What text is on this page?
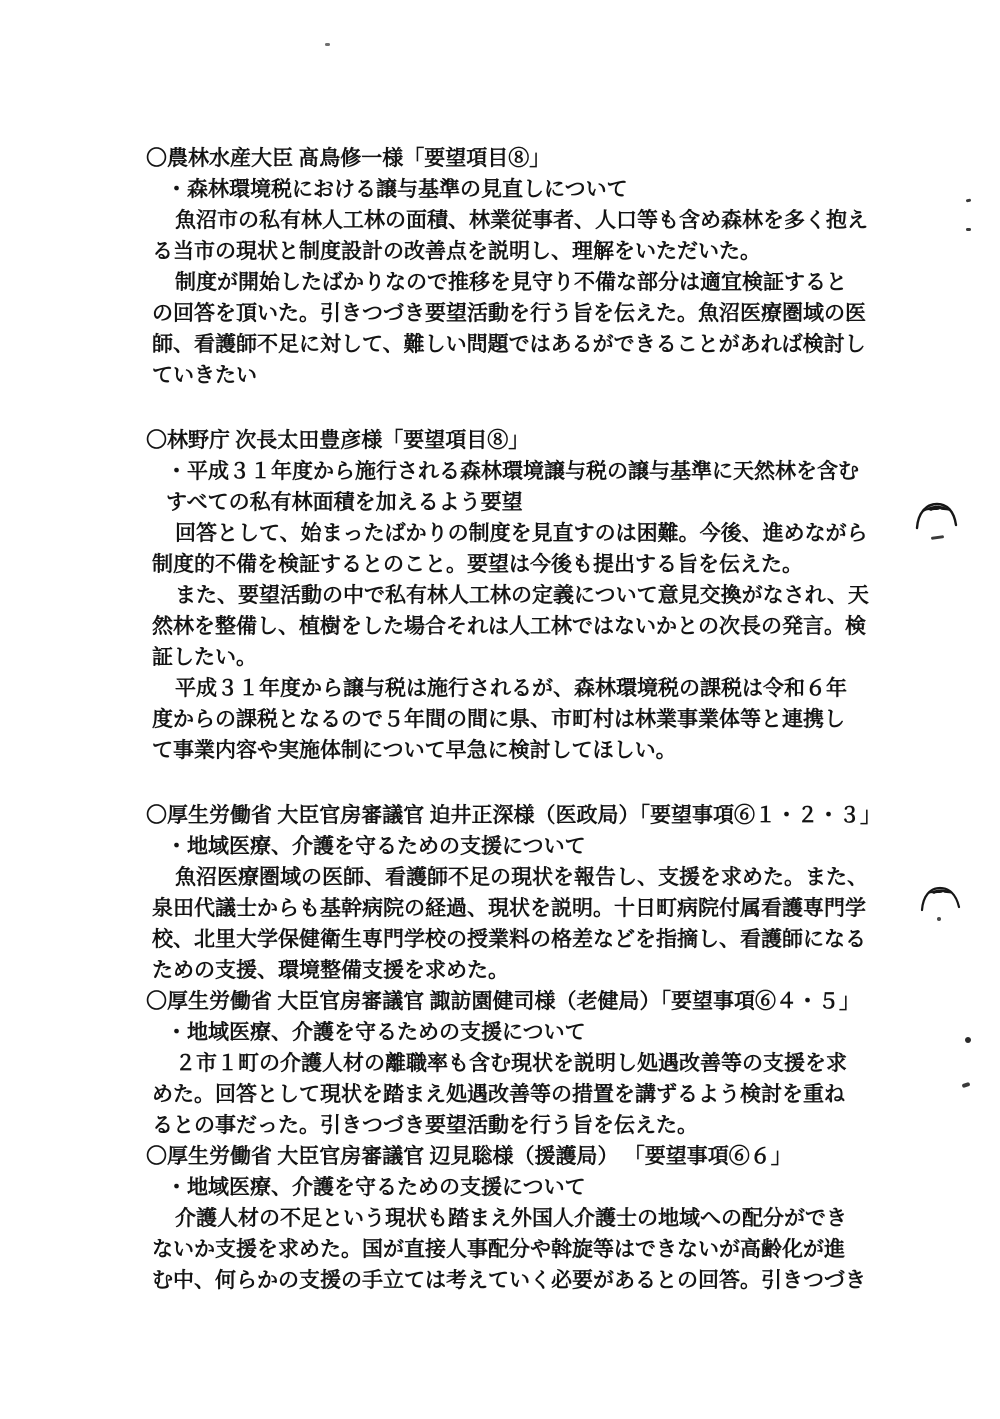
〇農林水産大臣 髙鳥修一様「要望項目⑧」
・森林環境税における譲与基準の見直しについて
魚沼市の私有林人工林の面積、林業従事者、人口等も含め森林を多く抱え
る当市の現状と制度設計の改善点を説明し、理解をいただいた。
制度が開始したばかりなので推移を見守り不備な部分は適宜検証すると
の回答を頂いた。引きつづき要望活動を行う旨を伝えた。魚沼医療圏域の医
師、看護師不足に対して、難しい問題ではあるができることがあれば検討し
ていきたい
〇林野庁 次長太田豊彦様「要望項目⑧」
・平成３１年度から施行される森林環境譲与税の譲与基準に天然林を含む
すべての私有林面積を加えるよう要望
回答として、始まったばかりの制度を見直すのは困難。今後、進めながら
制度的不備を検証するとのこと。要望は今後も提出する旨を伝えた。
また、要望活動の中で私有林人工林の定義について意見交換がなされ、天
然林を整備し、植樹をした場合それは人工林ではないかとの次長の発言。検
証したい。
平成３１年度から譲与税は施行されるが、森林環境税の課税は令和６年
度からの課税となるので５年間の間に県、市町村は林業事業体等と連携し
て事業内容や実施体制について早急に検討してほしい。
〇厚生労働省 大臣官房審議官 迫井正深様（医政局）「要望事項⑥１・２・３」
・地域医療、介護を守るための支援について
魚沼医療圏域の医師、看護師不足の現状を報告し、支援を求めた。また、
泉田代議士からも基幹病院の経過、現状を説明。十日町病院付属看護専門学
校、北里大学保健衛生専門学校の授業料の格差などを指摘し、看護師になる
ための支援、環境整備支援を求めた。
〇厚生労働省 大臣官房審議官 諏訪園健司様（老健局）「要望事項⑥４・５」
・地域医療、介護を守るための支援について
２市１町の介護人材の離職率も含む現状を説明し処遇改善等の支援を求
めた。回答として現状を踏まえ処遇改善等の措置を講ずるよう検討を重ね
るとの事だった。引きつづき要望活動を行う旨を伝えた。
〇厚生労働省 大臣官房審議官 辺見聡様（援護局） 「要望事項⑥６」
・地域医療、介護を守るための支援について
介護人材の不足という現状も踏まえ外国人介護士の地域への配分ができ
ないか支援を求めた。国が直接人事配分や斡旋等はできないが高齢化が進
む中、何らかの支援の手立ては考えていく必要があるとの回答。引きつづき
